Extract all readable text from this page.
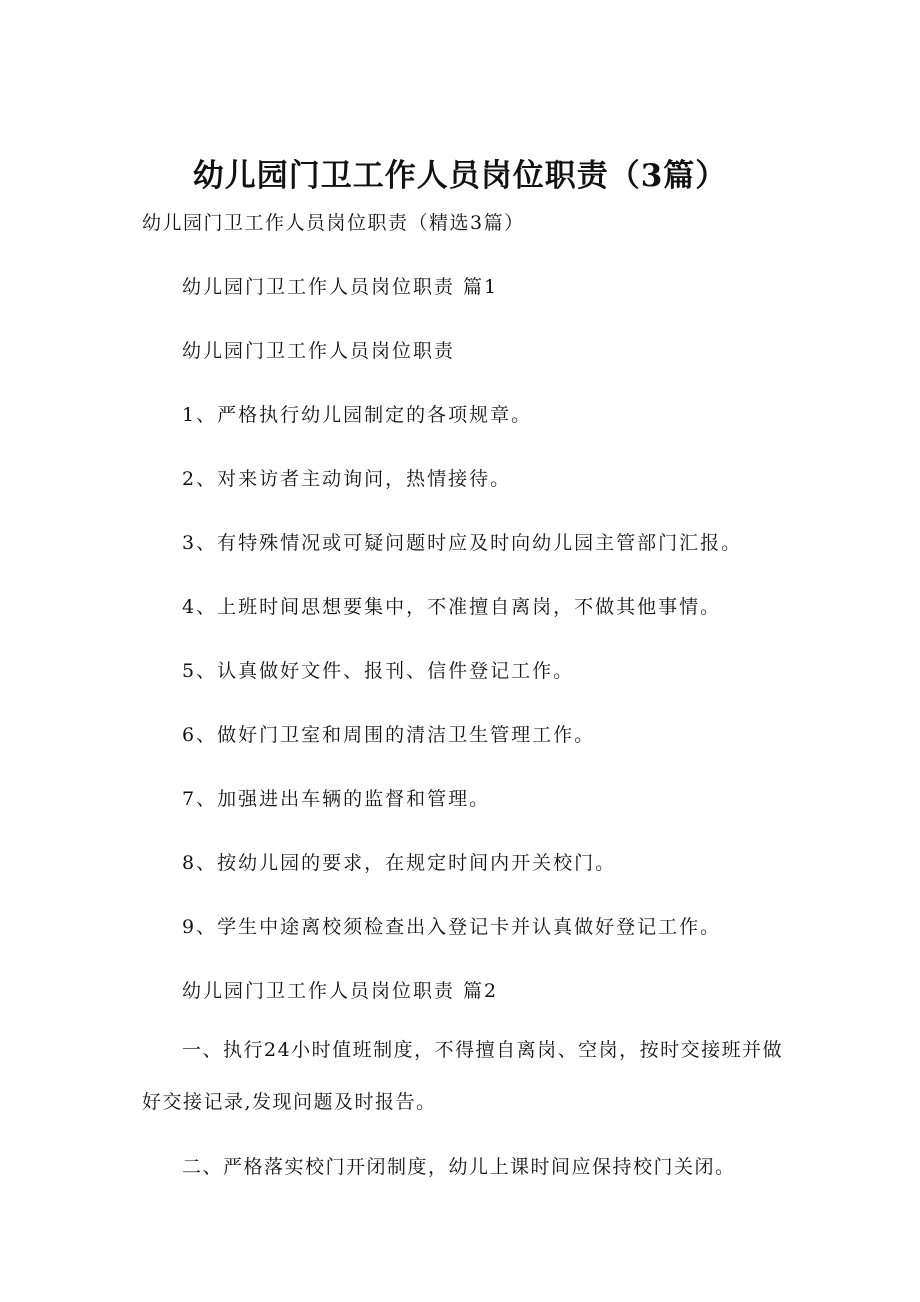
幼儿园门卫工作人员岗位职责（3篇）
幼儿园门卫工作人员岗位职责（精选3篇）
幼儿园门卫工作人员岗位职责 篇1
幼儿园门卫工作人员岗位职责
1、严格执行幼儿园制定的各项规章。
2、对来访者主动询问，热情接待。
3、有特殊情况或可疑问题时应及时向幼儿园主管部门汇报。
4、上班时间思想要集中，不准擅自离岗，不做其他事情。
5、认真做好文件、报刊、信件登记工作。
6、做好门卫室和周围的清洁卫生管理工作。
7、加强进出车辆的监督和管理。
8、按幼儿园的要求，在规定时间内开关校门。
9、学生中途离校须检查出入登记卡并认真做好登记工作。
幼儿园门卫工作人员岗位职责 篇2
一、执行24小时值班制度，不得擅自离岗、空岗，按时交接班并做好交接记录,发现问题及时报告。
二、严格落实校门开闭制度，幼儿上课时间应保持校门关闭。
